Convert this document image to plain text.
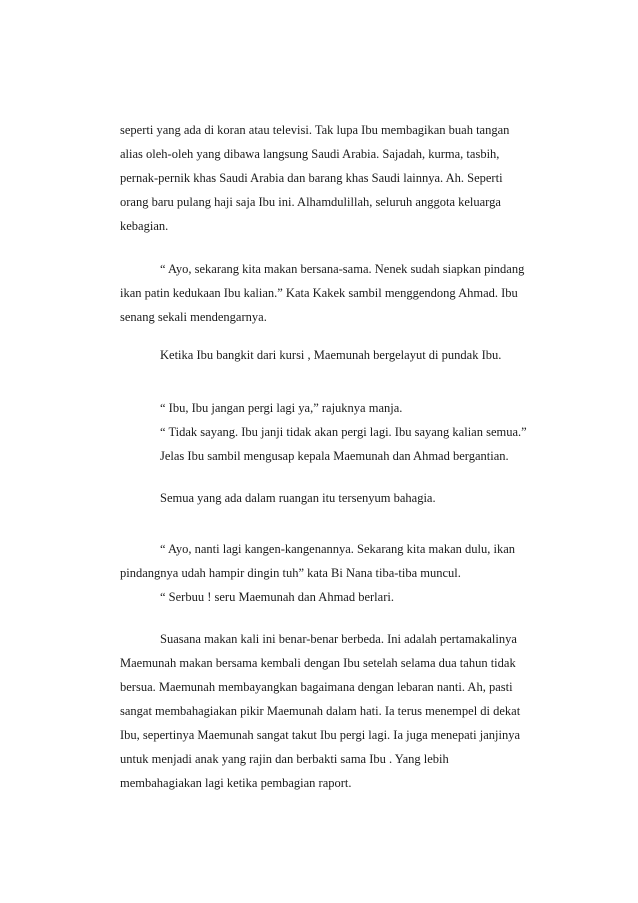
seperti yang ada di koran atau televisi. Tak lupa Ibu membagikan buah tangan
alias oleh-oleh yang dibawa langsung Saudi Arabia. Sajadah, kurma, tasbih,
pernak-pernik khas Saudi Arabia dan barang khas Saudi lainnya. Ah. Seperti
orang baru pulang haji saja Ibu ini. Alhamdulillah, seluruh anggota keluarga
kebagian.
“ Ayo, sekarang kita makan bersana-sama. Nenek sudah siapkan pindang
ikan patin kedukaan Ibu kalian.” Kata Kakek sambil menggendong Ahmad. Ibu
senang sekali mendengarnya.
Ketika Ibu bangkit dari kursi , Maemunah bergelayut di pundak Ibu.
“ Ibu, Ibu jangan pergi lagi ya,” rajuknya manja.
“ Tidak sayang. Ibu janji tidak akan pergi lagi. Ibu sayang kalian semua.”
Jelas Ibu sambil mengusap kepala Maemunah dan Ahmad bergantian.
Semua yang ada dalam ruangan itu tersenyum bahagia.
“ Ayo, nanti lagi kangen-kangenannya. Sekarang kita makan dulu, ikan
pindangnya udah hampir dingin tuh” kata Bi Nana tiba-tiba muncul.
“ Serbuu ! seru Maemunah dan Ahmad berlari.
Suasana makan kali ini benar-benar berbeda. Ini adalah pertamakalinya
Maemunah makan bersama kembali dengan Ibu setelah selama dua tahun tidak
bersua. Maemunah membayangkan bagaimana dengan lebaran nanti. Ah, pasti
sangat membahagiakan pikir Maemunah dalam hati. Ia terus menempel di dekat
Ibu, sepertinya Maemunah sangat takut Ibu pergi lagi. Ia juga menepati janjinya
untuk menjadi anak yang rajin dan berbakti sama Ibu . Yang lebih
membahagiakan lagi ketika pembagian raport.
